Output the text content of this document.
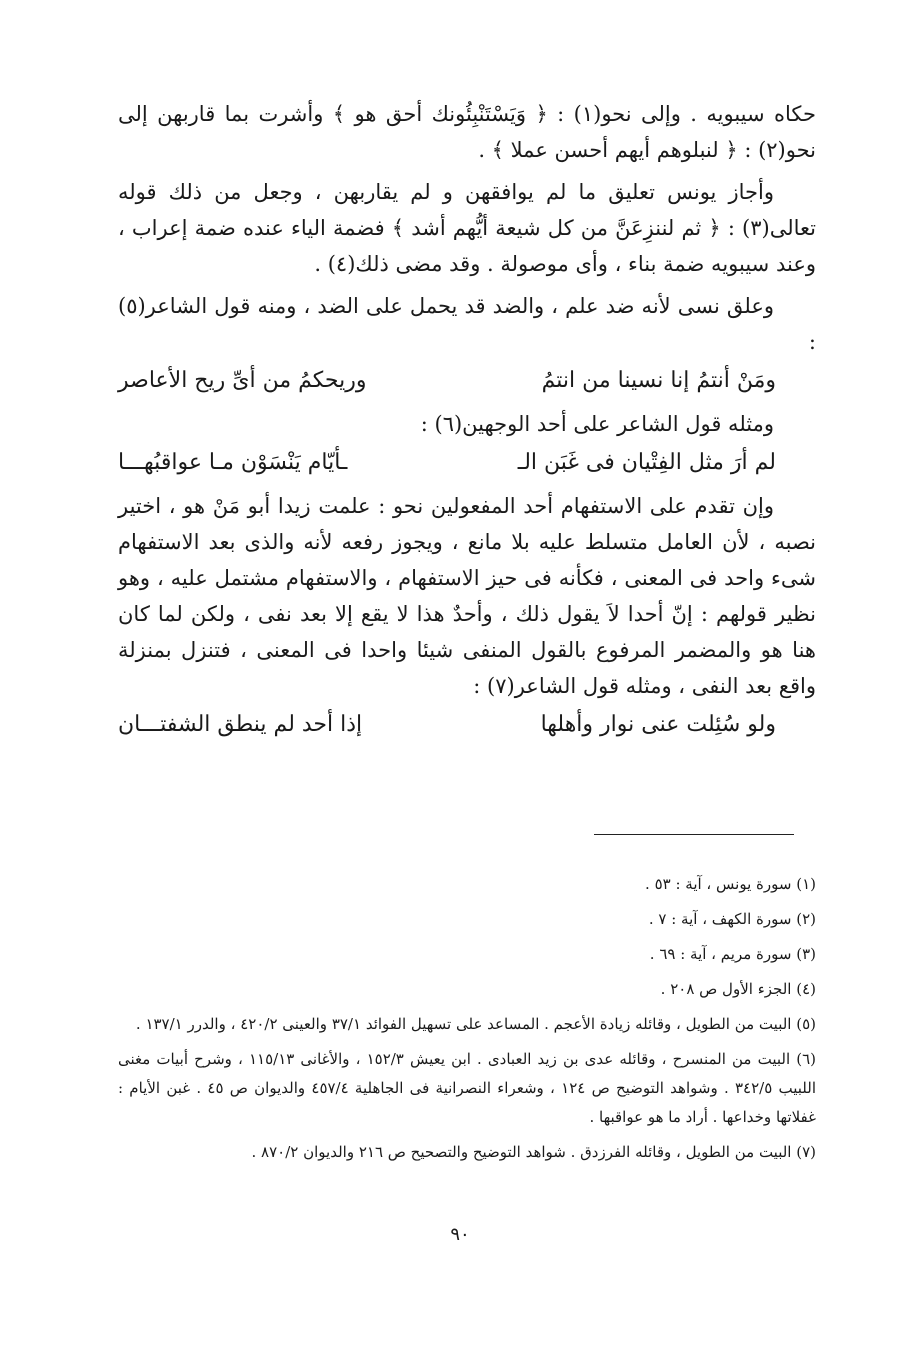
حكاه سيبويه . وإلى نحو(١) : ﴿ وَيَسْتَنْبِئُونك أحق هو ﴾ وأشرت بما قاربهن إلى نحو(٢) : ﴿ لنبلوهم أيهم أحسن عملا ﴾ .

وأجاز يونس تعليق ما لم يوافقهن و لم يقاربهن ، وجعل من ذلك قوله تعالى(٣) : ﴿ ثم لننزِعَنَّ من كل شيعة أيُّهم أشد ﴾ فضمة الياء عنده ضمة إعراب ، وعند سيبويه ضمة بناء ، وأى موصولة . وقد مضى ذلك(٤) .

وعلق نسى لأنه ضد علم ، والضد قد يحمل على الضد ، ومنه قول الشاعر(٥) :

ومَنْ أنتمُ إنا نسينا من انتمُ
وريحكمُ من أىِّ ريح الأعاصر

ومثله قول الشاعر على أحد الوجهين(٦) :

لم أرَ مثل الفِتْيان فى غَبَن الـ
ـأيّام يَنْسَوْن مـا عواقبُهـــا

وإن تقدم على الاستفهام أحد المفعولين نحو : علمت زيدا أبو مَنْ هو ، اختير نصبه ، لأن العامل متسلط عليه بلا مانع ، ويجوز رفعه لأنه والذى بعد الاستفهام شىء واحد فى المعنى ، فكأنه فى حيز الاستفهام ، والاستفهام مشتمل عليه ، وهو نظير قولهم : إنّ أحدا لاَ يقول ذلك ، وأحدٌ هذا لا يقع إلا بعد نفى ، ولكن لما كان هنا هو والمضمر المرفوع بالقول المنفى شيئا واحدا فى المعنى ، فتنزل بمنزلة واقع بعد النفى ، ومثله قول الشاعر(٧) :

ولو سُئِلت عنى نوار وأهلها
إذا أحد لم ينطق الشفتـــان

(١) سورة يونس ، آية : ٥٣ .

(٢) سورة الكهف ، آية : ٧ .

(٣) سورة مريم ، آية : ٦٩ .

(٤) الجزء الأول ص ٢٠٨ .

(٥) البيت من الطويل ، وقائله زيادة الأعجم . المساعد على تسهيل الفوائد ٣٧/١ والعينى ٤٢٠/٢ ، والدرر ١٣٧/١ .

(٦) البيت من المنسرح ، وقائله عدى بن زيد العبادى . ابن يعيش ١٥٢/٣ ، والأغانى ١١٥/١٣ ، وشرح أبيات مغنى اللبيب ٣٤٢/٥ . وشواهد التوضيح ص ١٢٤ ، وشعراء النصرانية فى الجاهلية ٤٥٧/٤ والديوان ص ٤٥ . غبن الأيام : غفلاتها وخداعها . أراد ما هو عواقبها .

(٧) البيت من الطويل ، وقائله الفرزدق . شواهد التوضيح والتصحيح ص ٢١٦ والديوان ٨٧٠/٢ .

٩٠
